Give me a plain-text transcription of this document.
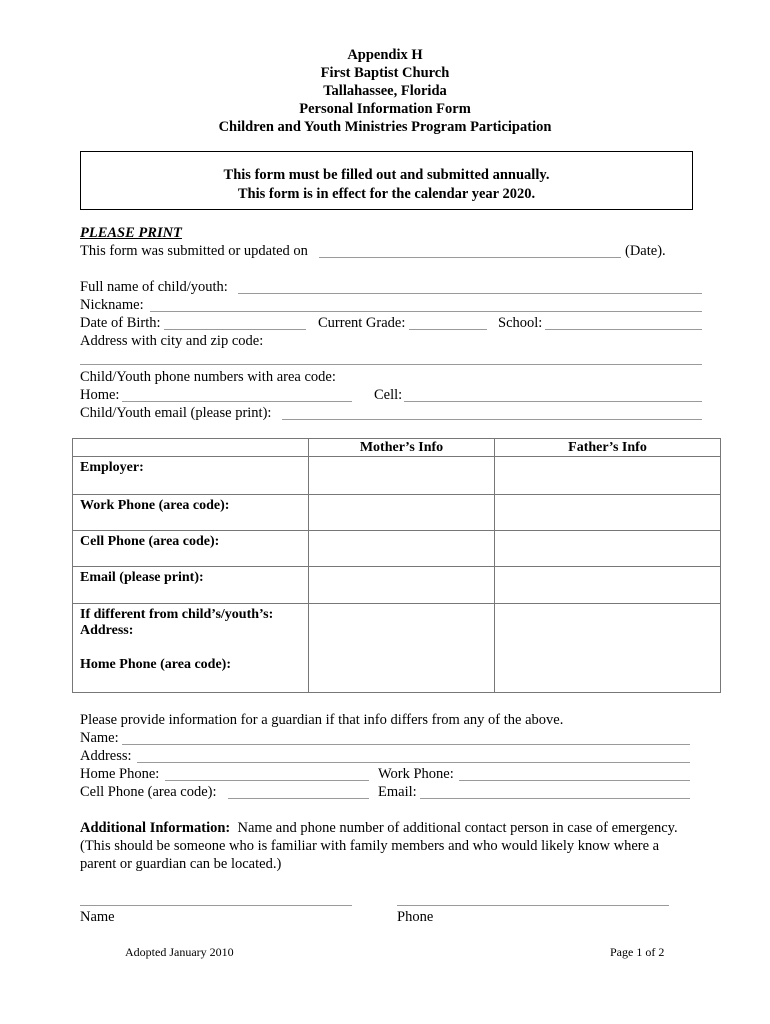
Appendix H
First Baptist Church
Tallahassee, Florida
Personal Information Form
Children and Youth Ministries Program Participation
This form must be filled out and submitted annually.
This form is in effect for the calendar year 2020.
PLEASE PRINT
This form was submitted or updated on	(Date).
Full name of child/youth:
Nickname:
Date of Birth:	Current Grade:	School:
Address with city and zip code:
Child/Youth phone numbers with area code:
Home:	Cell:
Child/Youth email (please print):
	Mother’s Info	Father’s Info
Employer:		
Work Phone (area code):		
Cell Phone (area code):		
Email (please print):		

If different from child’s/youth’s:
Address:
Home Phone (area code):		

Please provide information for a guardian if that info differs from any of the above.
Name:
Address:
Home Phone:	Work Phone:
Cell Phone (area code):	Email:
Additional Information: Name and phone number of additional contact person in case of emergency.
(This should be someone who is familiar with family members and who would likely know where a
parent or guardian can be located.)
Name	Phone
Adopted January 2010	Page 1 of 2
